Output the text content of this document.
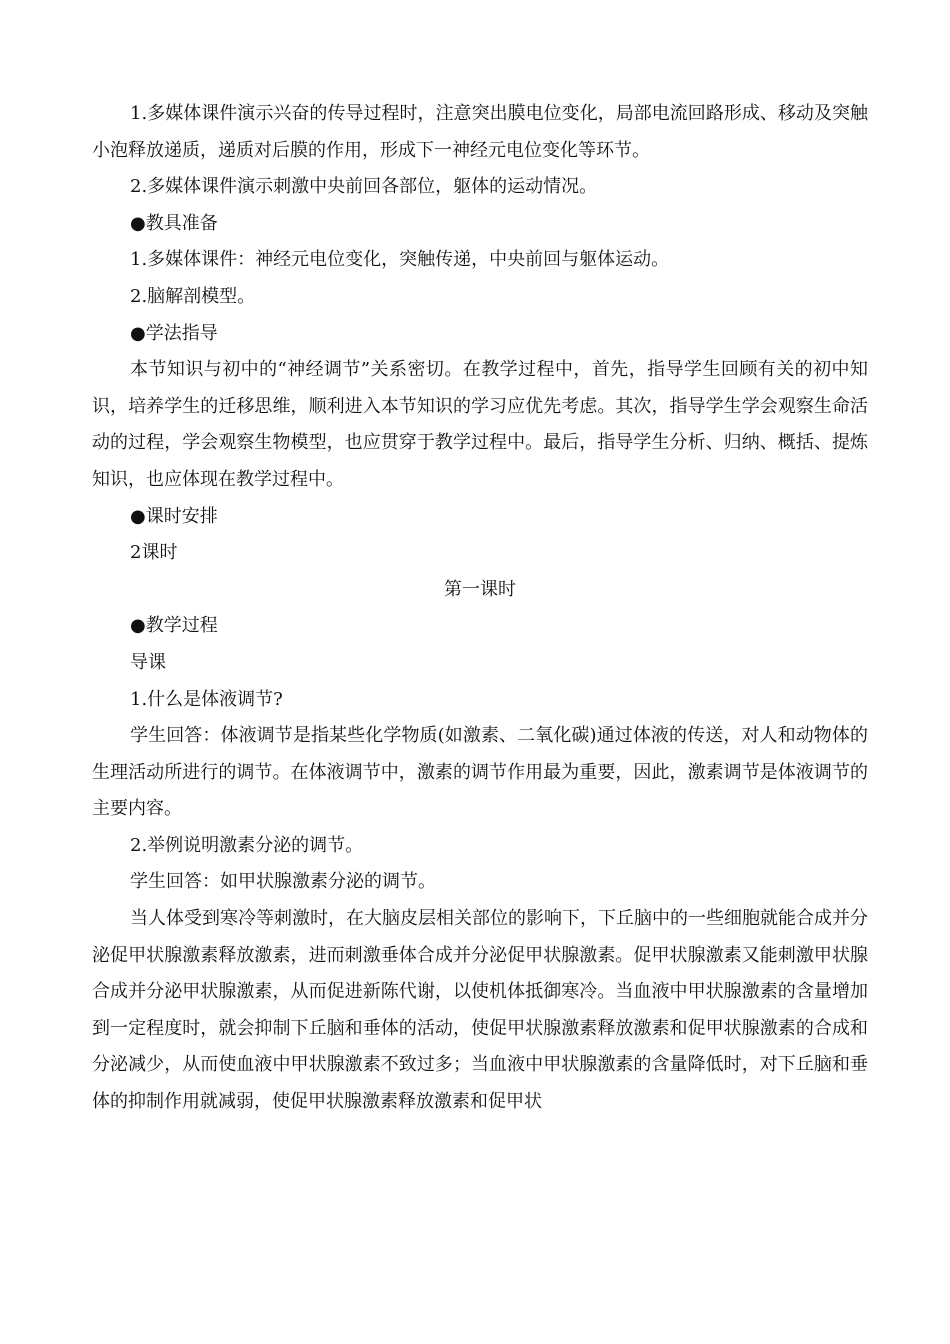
1.多媒体课件演示兴奋的传导过程时，注意突出膜电位变化，局部电流回路形成、移动及突触小泡释放递质，递质对后膜的作用，形成下一神经元电位变化等环节。

2.多媒体课件演示刺激中央前回各部位，躯体的运动情况。

●教具准备

1.多媒体课件：神经元电位变化，突触传递，中央前回与躯体运动。

2.脑解剖模型。

●学法指导

本节知识与初中的“神经调节”关系密切。在教学过程中，首先，指导学生回顾有关的初中知识，培养学生的迁移思维，顺利进入本节知识的学习应优先考虑。其次，指导学生学会观察生命活动的过程，学会观察生物模型，也应贯穿于教学过程中。最后，指导学生分析、归纳、概括、提炼知识，也应体现在教学过程中。

●课时安排

2课时

第一课时

●教学过程

导课

1.什么是体液调节?

学生回答：体液调节是指某些化学物质(如激素、二氧化碳)通过体液的传送，对人和动物体的生理活动所进行的调节。在体液调节中，激素的调节作用最为重要，因此，激素调节是体液调节的主要内容。

2.举例说明激素分泌的调节。

学生回答：如甲状腺激素分泌的调节。

当人体受到寒冷等刺激时，在大脑皮层相关部位的影响下，下丘脑中的一些细胞就能合成并分泌促甲状腺激素释放激素，进而刺激垂体合成并分泌促甲状腺激素。促甲状腺激素又能刺激甲状腺合成并分泌甲状腺激素，从而促进新陈代谢，以使机体抵御寒冷。当血液中甲状腺激素的含量增加到一定程度时，就会抑制下丘脑和垂体的活动，使促甲状腺激素释放激素和促甲状腺激素的合成和分泌减少，从而使血液中甲状腺激素不致过多；当血液中甲状腺激素的含量降低时，对下丘脑和垂体的抑制作用就减弱，使促甲状腺激素释放激素和促甲状
